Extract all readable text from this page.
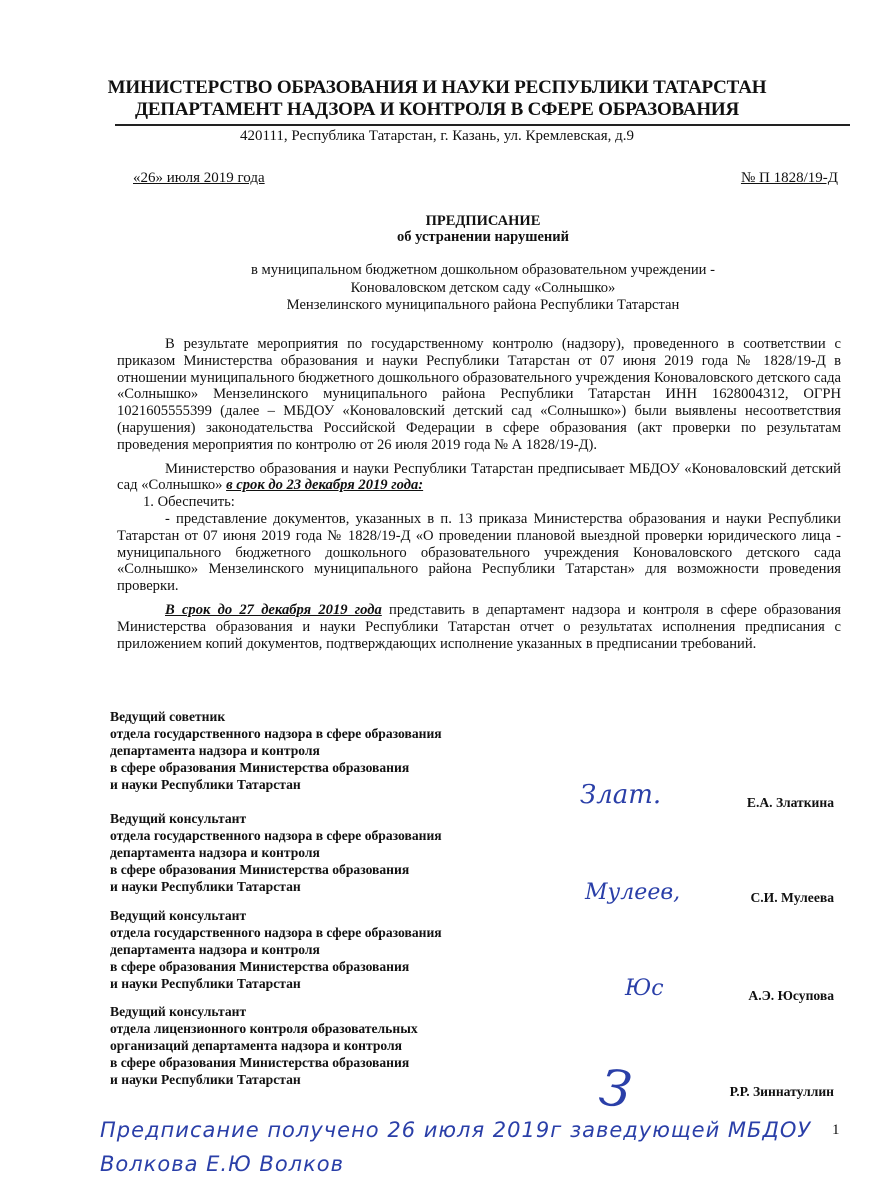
МИНИСТЕРСТВО ОБРАЗОВАНИЯ И НАУКИ РЕСПУБЛИКИ ТАТАРСТАН
ДЕПАРТАМЕНТ НАДЗОРА И КОНТРОЛЯ В СФЕРЕ ОБРАЗОВАНИЯ
420111, Республика Татарстан, г. Казань, ул. Кремлевская, д.9
«26» июля 2019 года	№ П 1828/19-Д
ПРЕДПИСАНИЕ
об устранении нарушений
в муниципальном бюджетном дошкольном образовательном учреждении -
Коноваловском детском саду «Солнышко»
Мензелинского муниципального района Республики Татарстан

В результате мероприятия по государственному контролю (надзору), проведенного в соответствии с приказом Министерства образования и науки Республики Татарстан от 07 июня 2019 года № 1828/19-Д в отношении муниципального бюджетного дошкольного образовательного учреждения Коноваловского детского сада «Солнышко» Мензелинского муниципального района Республики Татарстан ИНН 1628004312, ОГРН 1021605555399 (далее – МБДОУ «Коноваловский детский сад «Солнышко») были выявлены несоответствия (нарушения) законодательства Российской Федерации в сфере образования (акт проверки по результатам проведения мероприятия по контролю от 26 июля 2019 года № А 1828/19-Д).

Министерство образования и науки Республики Татарстан предписывает МБДОУ «Коноваловский детский сад «Солнышко» в срок до 23 декабря 2019 года:

1. Обеспечить:

- представление документов, указанных в п. 13 приказа Министерства образования и науки Республики Татарстан от 07 июня 2019 года № 1828/19-Д «О проведении плановой выездной проверки юридического лица - муниципального бюджетного дошкольного образовательного учреждения Коноваловского детского сада «Солнышко» Мензелинского муниципального района Республики Татарстан» для возможности проведения проверки.

В срок до 27 декабря 2019 года представить в департамент надзора и контроля в сфере образования Министерства образования и науки Республики Татарстан отчет о результатах исполнения предписания с приложением копий документов, подтверждающих исполнение указанных в предписании требований.

Ведущий советник
отдела государственного надзора в сфере образования
департамента надзора и контроля
в сфере образования Министерства образования
и науки Республики Татарстан	Злат.	Е.А. Златкина
Ведущий консультант
отдела государственного надзора в сфере образования
департамента надзора и контроля
в сфере образования Министерства образования
и науки Республики Татарстан	Мулеев,	С.И. Мулеева
Ведущий консультант
отдела государственного надзора в сфере образования
департамента надзора и контроля
в сфере образования Министерства образования
и науки Республики Татарстан	Юс	А.Э. Юсупова
Ведущий консультант
отдела лицензионного контроля образовательных
организаций департамента надзора и контроля
в сфере образования Министерства образования
и науки Республики Татарстан	З	Р.Р. Зиннатуллин
Предписание получено 26 июля 2019г заведующей МБДОУ
Волкова Е.Ю Волков
1
